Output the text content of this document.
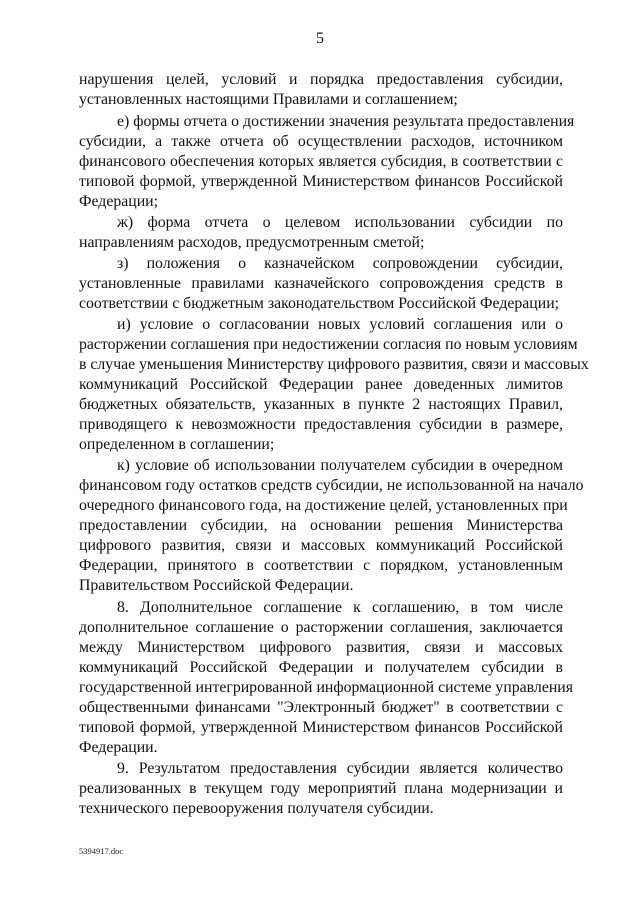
5
нарушения целей, условий и порядка предоставления субсидии,
установленных настоящими Правилами и соглашением;
е) формы отчета о достижении значения результата предоставления
субсидии, а также отчета об осуществлении расходов, источником
финансового обеспечения которых является субсидия, в соответствии с
типовой формой, утвержденной Министерством финансов Российской
Федерации;
ж) форма отчета о целевом использовании субсидии по
направлениям расходов, предусмотренным сметой;
з) положения о казначейском сопровождении субсидии,
установленные правилами казначейского сопровождения средств в
соответствии с бюджетным законодательством Российской Федерации;
и) условие о согласовании новых условий соглашения или о
расторжении соглашения при недостижении согласия по новым условиям
в случае уменьшения Министерству цифрового развития, связи и массовых
коммуникаций Российской Федерации ранее доведенных лимитов
бюджетных обязательств, указанных в пункте 2 настоящих Правил,
приводящего к невозможности предоставления субсидии в размере,
определенном в соглашении;
к) условие об использовании получателем субсидии в очередном
финансовом году остатков средств субсидии, не использованной на начало
очередного финансового года, на достижение целей, установленных при
предоставлении субсидии, на основании решения Министерства
цифрового развития, связи и массовых коммуникаций Российской
Федерации, принятого в соответствии с порядком, установленным
Правительством Российской Федерации.
8. Дополнительное соглашение к соглашению, в том числе
дополнительное соглашение о расторжении соглашения, заключается
между Министерством цифрового развития, связи и массовых
коммуникаций Российской Федерации и получателем субсидии в
государственной интегрированной информационной системе управления
общественными финансами "Электронный бюджет" в соответствии с
типовой формой, утвержденной Министерством финансов Российской
Федерации.
9. Результатом предоставления субсидии является количество
реализованных в текущем году мероприятий плана модернизации и
технического перевооружения получателя субсидии.
5394917.doc
